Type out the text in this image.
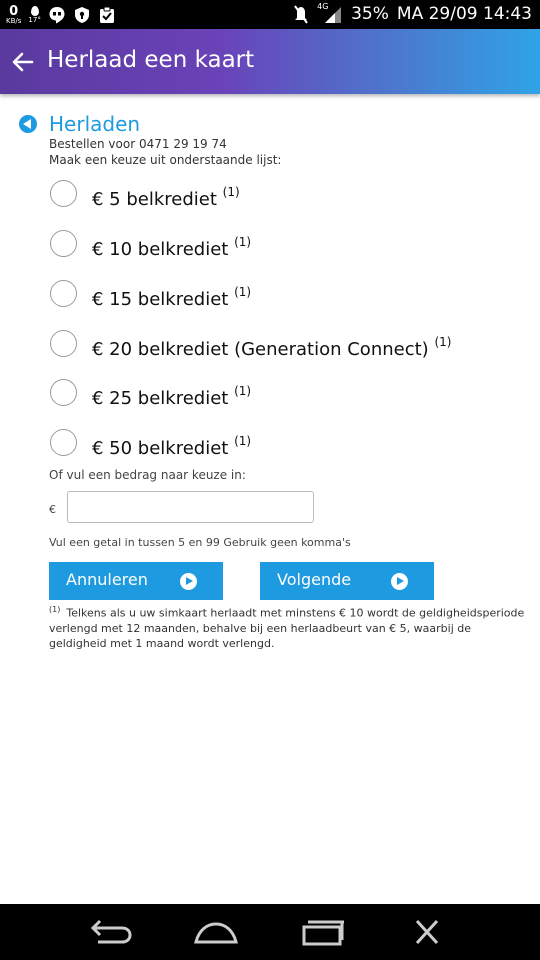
0
KB/s 17°
4G 35% MA 29/09 14:43
Herlaad een kaart
Herladen
Bestellen voor 0471 29 19 74
Maak een keuze uit onderstaande lijst:
€ 5 belkrediet $^{(1)}$
€ 10 belkrediet $^{(1)}$
€ 15 belkrediet $^{(1)}$
€ 20 belkrediet (Generation Connect) $^{(1)}$
€ 25 belkrediet $^{(1)}$
€ 50 belkrediet $^{(1)}$
Of vul een bedrag naar keuze in:
€
Vul een getal in tussen 5 en 99 Gebruik geen komma's
Annuleren	Volgende
$^{(1)}$ Telkens als u uw simkaart herlaadt met minstens € 10 wordt de geldigheidsperiode verlengd met 12 maanden, behalve bij een herlaadbeurt van € 5, waarbij de geldigheid met 1 maand wordt verlengd.
